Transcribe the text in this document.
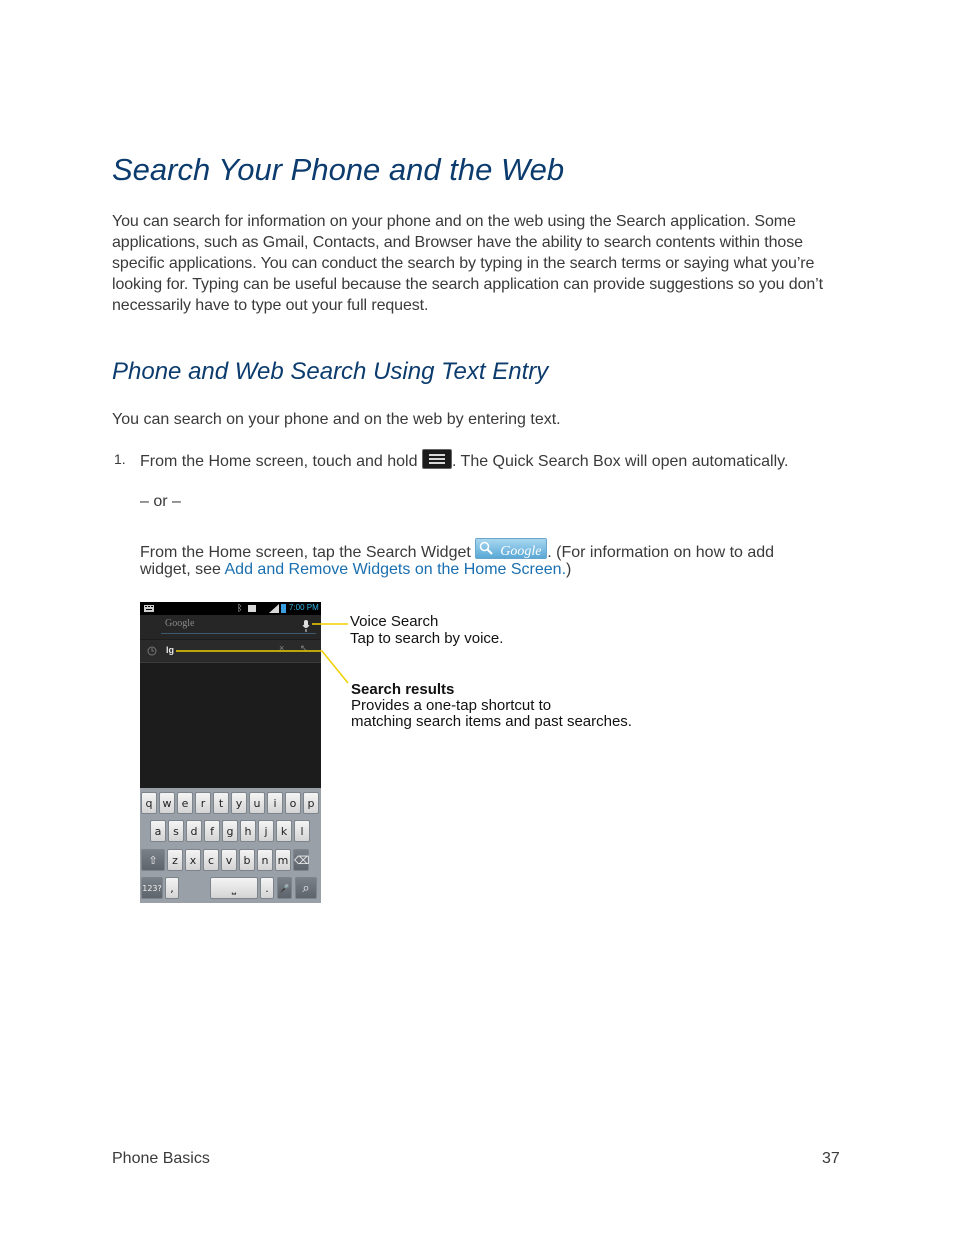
Search Your Phone and the Web

You can search for information on your phone and on the web using the Search application. Some applications, such as Gmail, Contacts, and Browser have the ability to search contents within those specific applications. You can conduct the search by typing in the search terms or saying what you’re looking for. Typing can be useful because the search application can provide suggestions so you don’t necessarily have to type out your full request.

Phone and Web Search Using Text Entry

You can search on your phone and on the web by entering text.

1. From the Home screen, touch and hold . The Quick Search Box will open automatically.

– or –

From the Home screen, tap the Search Widget Google . (For information on how to add

widget, see Add and Remove Widgets on the Home Screen.)

ᛒ	7:00 PM
Google
lg	× ↖
q w e	r	t	y	u	i	o	p
a	s	d	f	g	h	j	k	l
⇧	z	x	c	v	b	n m ⌫
123? ,	⎵	.	🎤 ⌕
Voice Search
Tap to search by voice.
Search results
Provides a one-tap shortcut to
matching search items and past searches.
Phone Basics	37
